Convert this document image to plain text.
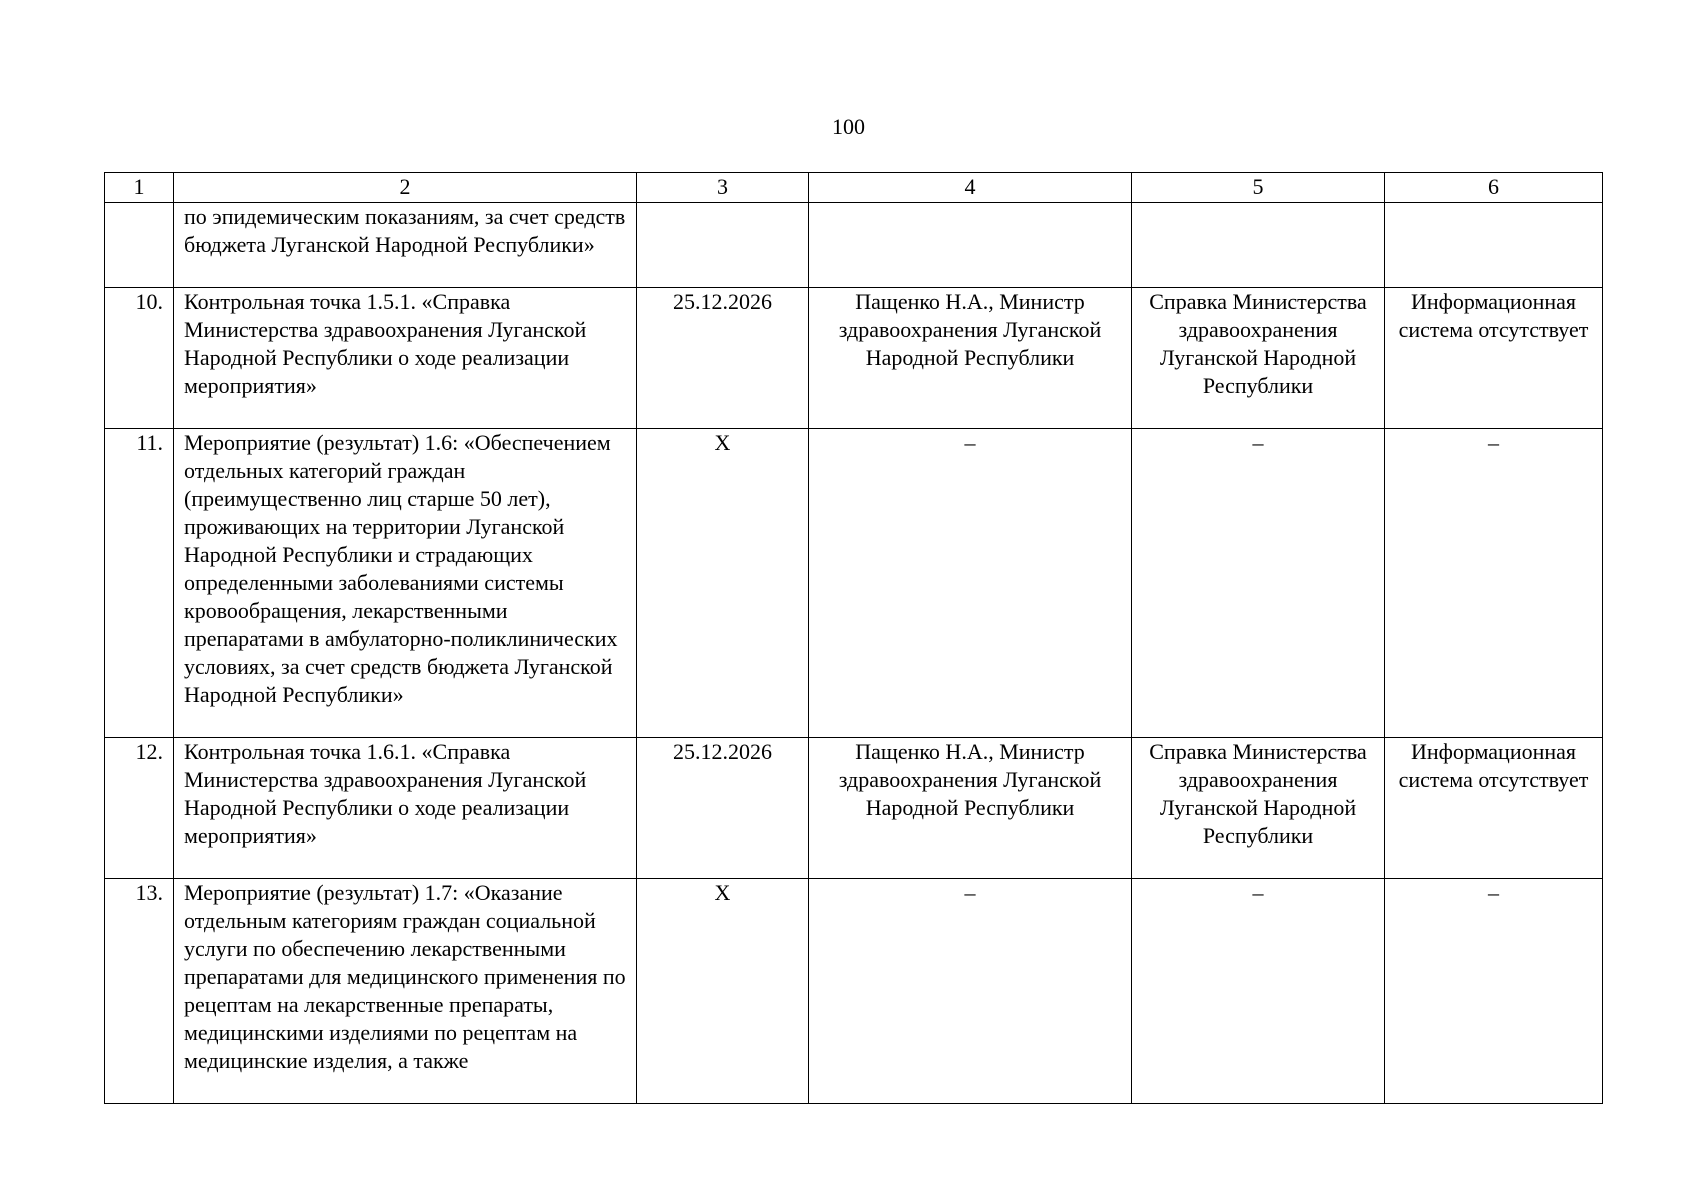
100
1	2	3	4	5	6
	по эпидемическим показаниям, за счет средств бюджета Луганской Народной Республики»				
10.	Контрольная точка 1.5.1. «Справка Министерства здравоохранения Луганской Народной Республики о ходе реализации мероприятия»	25.12.2026	Пащенко Н.А., Министр здравоохранения Луганской Народной Республики	Справка Министерства здравоохранения Луганской Народной Республики	Информационная система отсутствует
11.	Мероприятие (результат) 1.6: «Обеспечением отдельных категорий граждан (преимущественно лиц старше 50 лет), проживающих на территории Луганской Народной Республики и страдающих определенными заболеваниями системы кровообращения, лекарственными препаратами в амбулаторно-поликлинических условиях, за счет средств бюджета Луганской Народной Республики»	Х	–	–	–
12.	Контрольная точка 1.6.1. «Справка Министерства здравоохранения Луганской Народной Республики о ходе реализации мероприятия»	25.12.2026	Пащенко Н.А., Министр здравоохранения Луганской Народной Республики	Справка Министерства здравоохранения Луганской Народной Республики	Информационная система отсутствует
13.	Мероприятие (результат) 1.7: «Оказание отдельным категориям граждан социальной услуги по обеспечению лекарственными препаратами для медицинского применения по рецептам на лекарственные препараты, медицинскими изделиями по рецептам на медицинские изделия, а также	Х	–	–	–
